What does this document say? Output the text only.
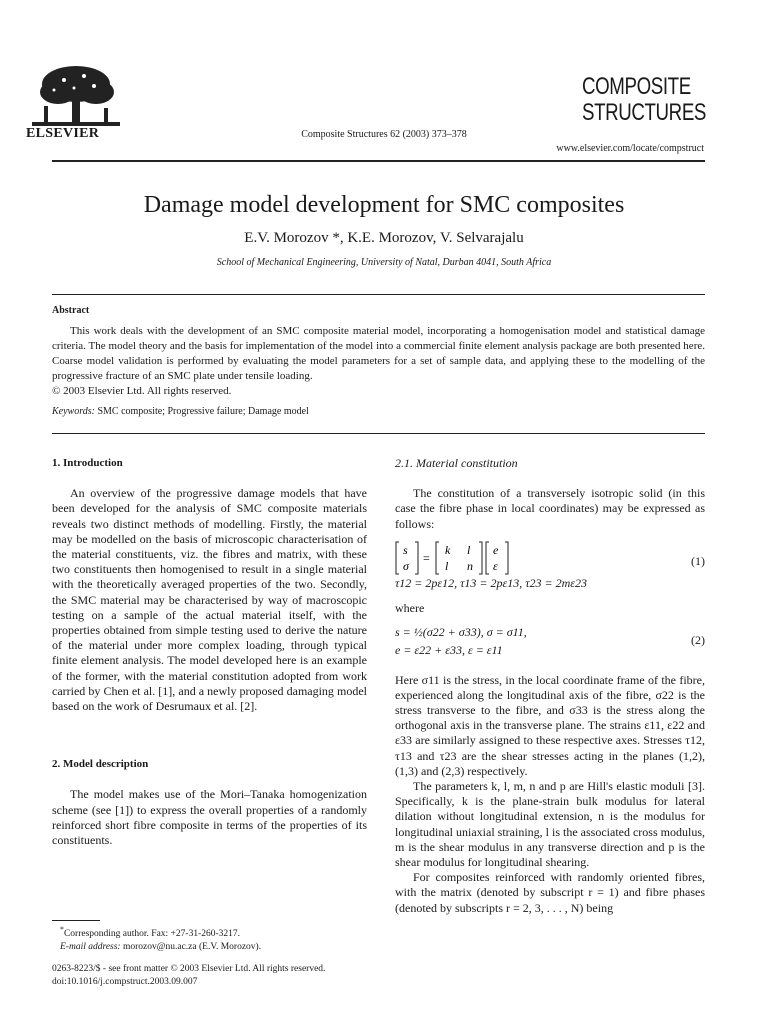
ELSEVIER	Composite Structures 62 (2003) 373–378
COMPOSITE
STRUCTURES
www.elsevier.com/locate/compstruct
Damage model development for SMC composites
E.V. Morozov *, K.E. Morozov, V. Selvarajalu
School of Mechanical Engineering, University of Natal, Durban 4041, South Africa
Abstract

This work deals with the development of an SMC composite material model, incorporating a homogenisation model and statistical damage criteria. The model theory and the basis for implementation of the model into a commercial finite element analysis package are both presented here. Coarse model validation is performed by evaluating the model parameters for a set of sample data, and applying these to the modelling of the progressive fracture of an SMC plate under tensile loading.

© 2003 Elsevier Ltd. All rights reserved.
Keywords: SMC composite; Progressive failure; Damage model
1. Introduction

An overview of the progressive damage models that have been developed for the analysis of SMC composite materials reveals two distinct methods of modelling. Firstly, the material may be modelled on the basis of microscopic characterisation of the material constituents, viz. the fibres and matrix, with these two constituents then homogenised to result in a single material with the theoretically averaged properties of the two. Secondly, the SMC material may be characterised by way of macroscopic testing on a sample of the actual material itself, with the properties obtained from simple testing used to derive the nature of the material under more complex loading, through typical finite element analysis. The model developed here is an example of the former, with the material constitution adopted from work carried by Chen et al. [1], and a newly proposed damaging model based on the work of Desrumaux et al. [2].

2. Model description

The model makes use of the Mori–Tanaka homogenization scheme (see [1]) to express the overall properties of a randomly reinforced short fibre composite in terms of the properties of its constituents.

2.1. Material constitution

The constitution of a transversely isotropic solid (in this case the fibre phase in local coordinates) may be expressed as follows:

s
σ
=
k l
l n
e
ε	(1)
τ12 = 2pε12, τ13 = 2pε13, τ23 = 2mε23
where
s = ½(σ22 + σ33), σ = σ11,
e = ε22 + ε33, ε = ε11
(2)

Here σ11 is the stress, in the local coordinate frame of the fibre, experienced along the longitudinal axis of the fibre, σ22 is the stress transverse to the fibre, and σ33 is the stress along the orthogonal axis in the transverse plane. The strains ε11, ε22 and ε33 are similarly assigned to these respective axes. Stresses τ12, τ13 and τ23 are the shear stresses acting in the planes (1,2), (1,3) and (2,3) respectively.

The parameters k, l, m, n and p are Hill's elastic moduli [3]. Specifically, k is the plane-strain bulk modulus for lateral dilation without longitudinal extension, n is the modulus for longitudinal uniaxial straining, l is the associated cross modulus, m is the shear modulus in any transverse direction and p is the shear modulus for longitudinal shearing.

For composites reinforced with randomly oriented fibres, with the matrix (denoted by subscript r = 1) and fibre phases (denoted by subscripts r = 2, 3, . . . , N) being

*Corresponding author. Fax: +27-31-260-3217.
E-mail address: morozov@nu.ac.za (E.V. Morozov).
0263-8223/$ - see front matter © 2003 Elsevier Ltd. All rights reserved.
doi:10.1016/j.compstruct.2003.09.007
